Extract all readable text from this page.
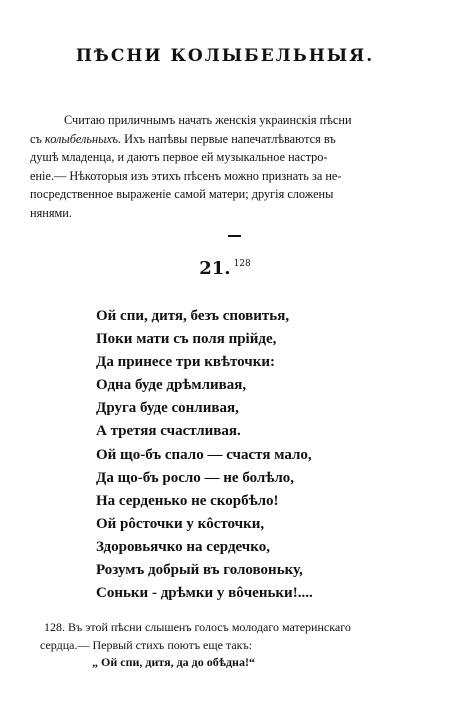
ПѢСНИ КОЛЫБЕЛЬНЫЯ.
Считаю приличнымъ начать женскія украинскія пѣсни
съ колыбельныхъ. Ихъ напѣвы первые напечатлѣваются въ
душѣ младенца, и даютъ первое ей музыкальное настро-
еніе.— Нѣкоторыя изъ этихъ пѣсенъ можно признать за не-
посредственное выраженіе самой матери; другія сложены
нянями.
21. $^{128}$
Ой спи, дитя, безъ сповитья,
Поки мати съ поля прійде,
Да принесе три квѣточки:
Одна буде дрѣмливая,
Друга буде сонливая,
А третяя счастливая.
Ой що-бъ спало — счастя мало,
Да що-бъ росло — не болѣло,
На серденько не скорбѣло!
Ой рôсточки у кôсточки,
Здоровьячко на сердечко,
Розумъ добрый въ головоньку,
Соньки - дрѣмки у вôченьки!....
128. Въ этой пѣсни слышенъ голосъ молодаго материнскаго
сердца.— Первый стихъ поютъ еще такъ:
„ Ой спи, дитя, да до обѣдна!“
